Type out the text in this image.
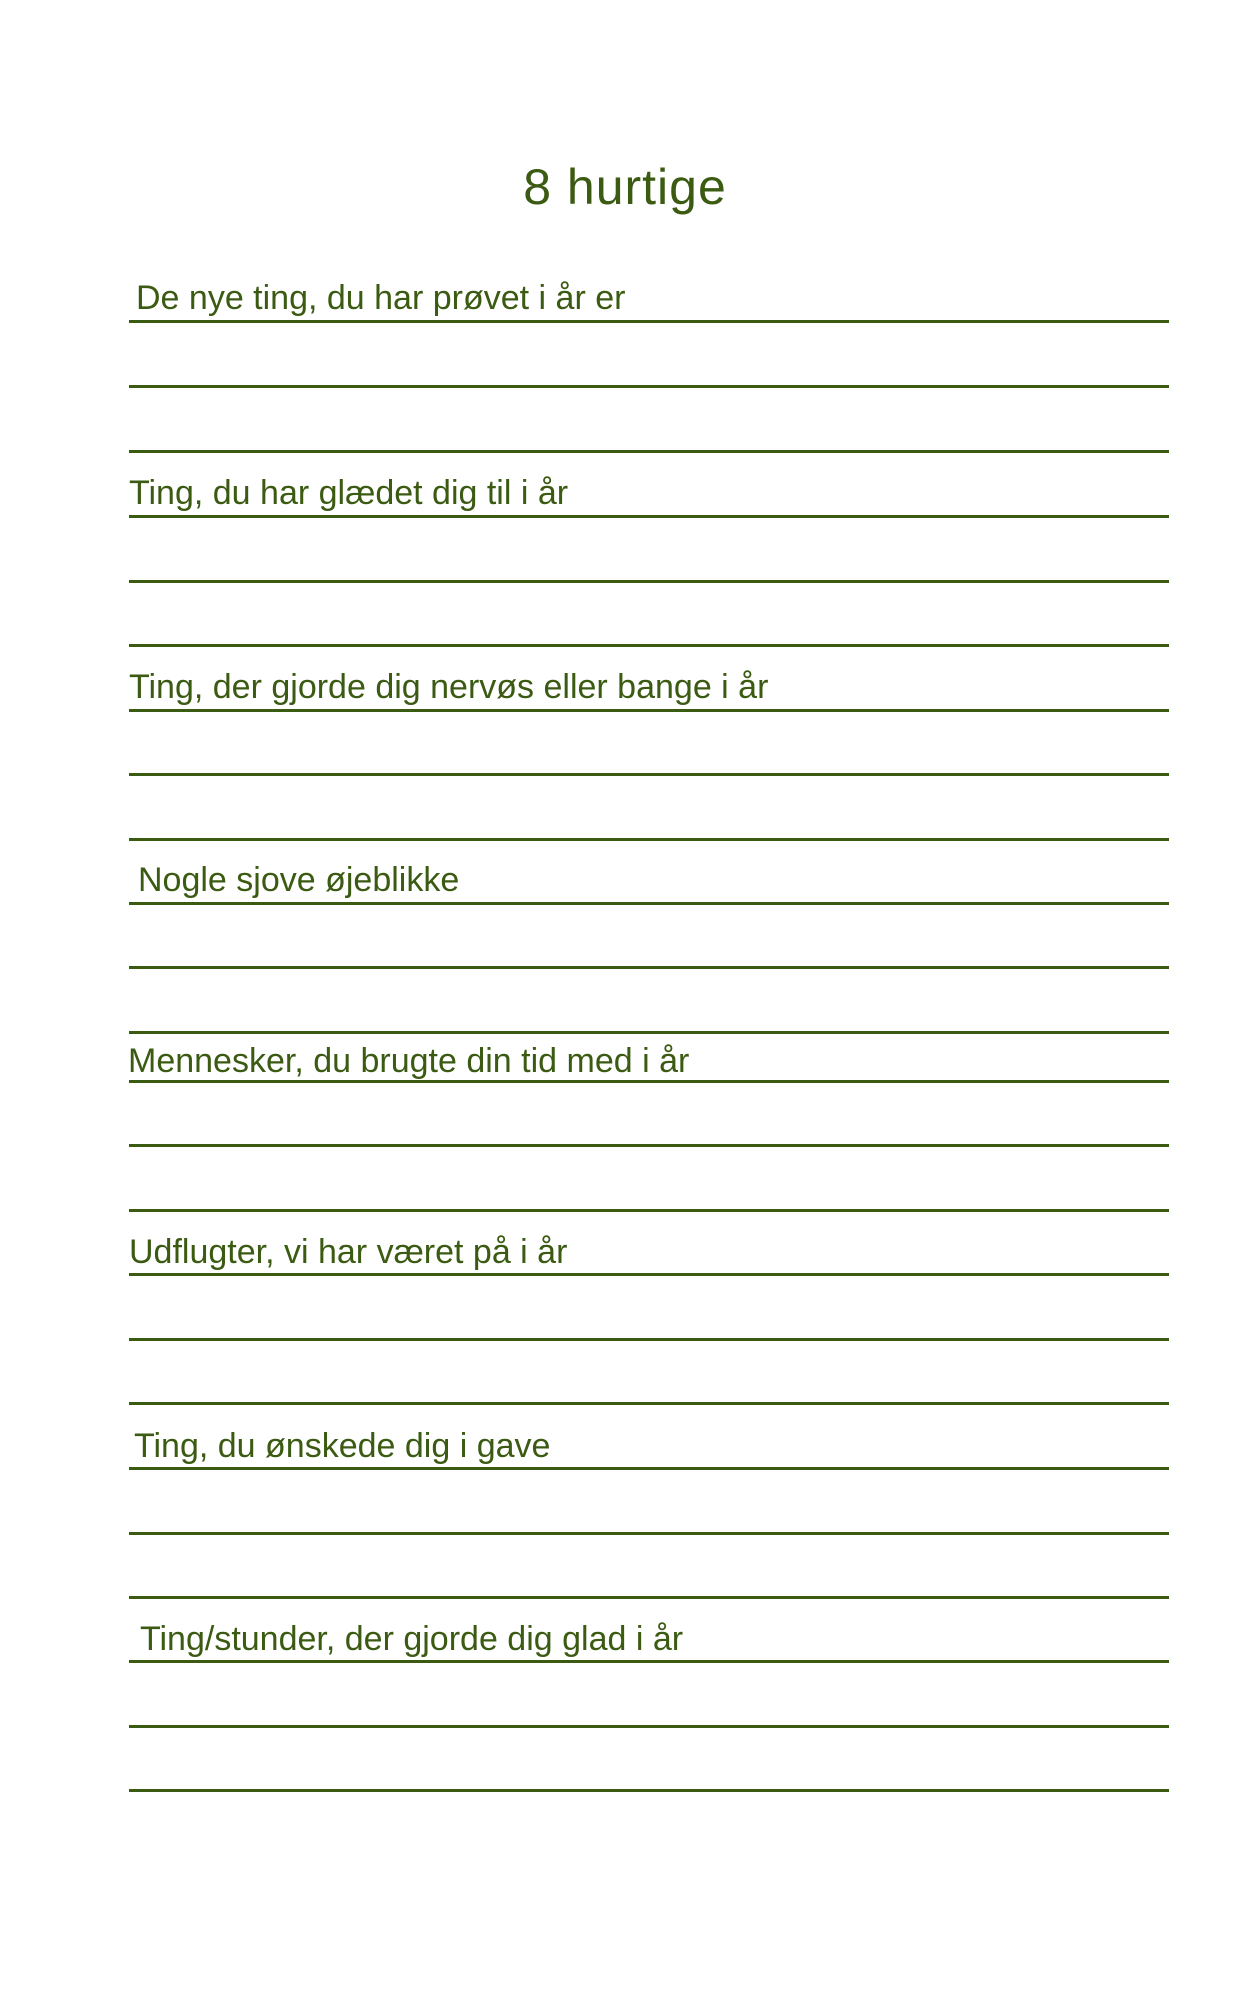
8 hurtige
De nye ting, du har prøvet i år er
Ting, du har glædet dig til i år
Ting, der gjorde dig nervøs eller bange i år
Nogle sjove øjeblikke
Mennesker, du brugte din tid med i år
Udflugter, vi har været på i år
Ting, du ønskede dig i gave
Ting/stunder, der gjorde dig glad i år
